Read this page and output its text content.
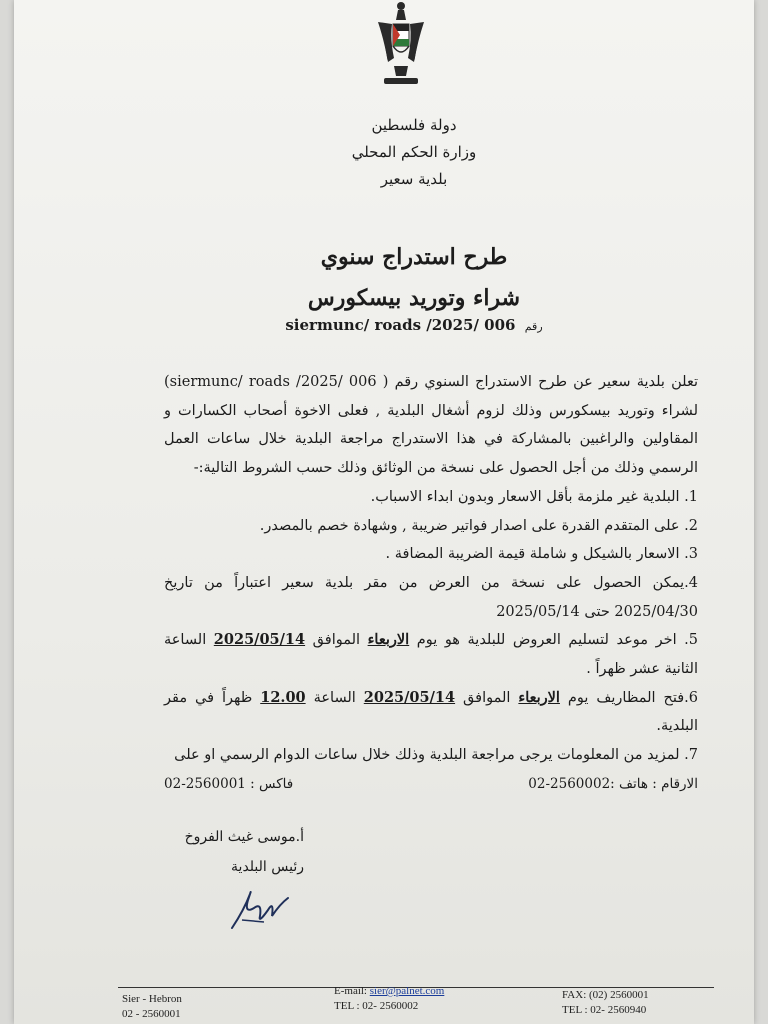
دولة فلسطين
وزارة الحكم المحلي
بلدية سعير
طرح استدراج سنوي
شراء وتوريد بيسكورس
siermunc/ roads /2025/ 006 رقم

تعلن بلدية سعير عن طرح الاستدراج السنوي رقم ( siermunc/ roads /2025/ 006) لشراء وتوريد بيسكورس وذلك لزوم أشغال البلدية , فعلى الاخوة أصحاب الكسارات و المقاولين والراغبين بالمشاركة في هذا الاستدراج مراجعة البلدية خلال ساعات العمل الرسمي وذلك من أجل الحصول على نسخة من الوثائق وذلك حسب الشروط التالية:-

1. البلدية غير ملزمة بأقل الاسعار وبدون ابداء الاسباب.

2. على المتقدم القدرة على اصدار فواتير ضريبة , وشهادة خصم بالمصدر.

3. الاسعار بالشيكل و شاملة قيمة الضريبة المضافة .

4.يمكن الحصول على نسخة من العرض من مقر بلدية سعير اعتباراً من تاريخ 2025/04/30 حتى 2025/05/14

5. اخر موعد لتسليم العروض للبلدية هو يوم الاربعاء الموافق 2025/05/14 الساعة الثانية عشر ظهراً .

6.فتح المظاريف يوم الاربعاء الموافق 2025/05/14 الساعة 12.00 ظهراً في مقر البلدية.

7. لمزيد من المعلومات يرجى مراجعة البلدية وذلك خلال ساعات الدوام الرسمي او على

الارقام : هاتف :2560002-02
فاكس : 2560001-02
أ.موسى غيث الفروخ
رئيس البلدية
Sier - Hebron
02 - 2560001
E-mail: sier@palnet.com
TEL : 02- 2560002
FAX: (02) 2560001
TEL : 02- 2560940
